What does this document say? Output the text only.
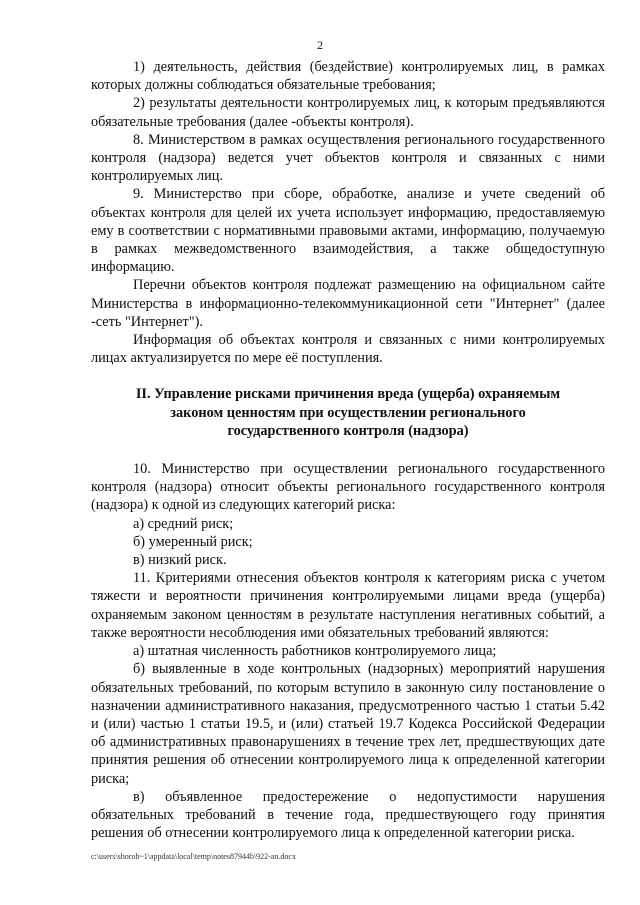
2

1) деятельность, действия (бездействие) контролируемых лиц, в рамках которых должны соблюдаться обязательные требования;

2) результаты деятельности контролируемых лиц, к которым предъявляются обязательные требования (далее -объекты контроля).

8. Министерством в рамках осуществления регионального государственного контроля (надзора) ведется учет объектов контроля и связанных с ними контролируемых лиц.

9. Министерство при сборе, обработке, анализе и учете сведений об объектах контроля для целей их учета использует информацию, предоставляемую ему в соответствии с нормативными правовыми актами, информацию, получаемую в рамках межведомственного взаимодействия, а также общедоступную информацию.

Перечни объектов контроля подлежат размещению на официальном сайте Министерства в информационно-телекоммуникационной сети "Интернет" (далее -сеть "Интернет").

Информация об объектах контроля и связанных с ними контролируемых лицах актуализируется по мере её поступления.

II. Управление рисками причинения вреда (ущерба) охраняемым законом ценностям при осуществлении регионального государственного контроля (надзора)

10. Министерство при осуществлении регионального государственного контроля (надзора) относит объекты регионального государственного контроля (надзора) к одной из следующих категорий риска:

а) средний риск;

б) умеренный риск;

в) низкий риск.

11. Критериями отнесения объектов контроля к категориям риска с учетом тяжести и вероятности причинения контролируемыми лицами вреда (ущерба) охраняемым законом ценностям в результате наступления негативных событий, а также вероятности несоблюдения ими обязательных требований являются:

а) штатная численность работников контролируемого лица;

б) выявленные в ходе контрольных (надзорных) мероприятий нарушения обязательных требований, по которым вступило в законную силу постановление о назначении административного наказания, предусмотренного частью 1 статьи 5.42 и (или) частью 1 статьи 19.5, и (или) статьей 19.7 Кодекса Российской Федерации об административных правонарушениях в течение трех лет, предшествующих дате принятия решения об отнесении контролируемого лица к определенной категории риска;

в) объявленное предостережение о недопустимости нарушения обязательных требований в течение года, предшествующего году принятия решения об отнесении контролируемого лица к определенной категории риска.

c:\users\shoroh~1\appdata\local\temp\notes87944b\922-an.docx
